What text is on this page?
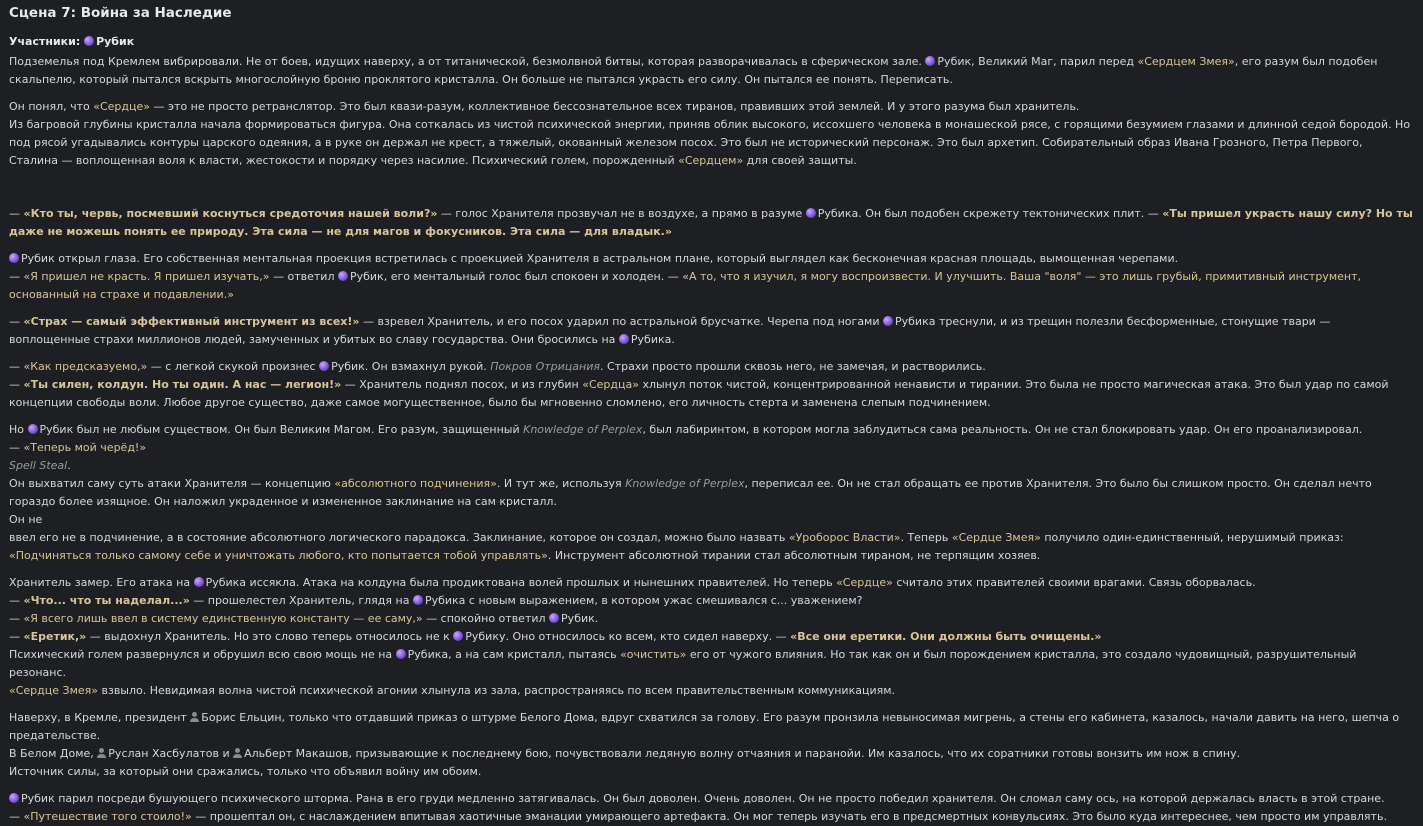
Сцена 7: Война за Наследие
Участники: Рубик

Подземелья под Кремлем вибрировали. Не от боев, идущих наверху, а от титанической, безмолвной битвы, которая разворачивалась в сферическом зале. Рубик, Великий Маг, парил перед «Сердцем Змея», его разум был подобен скальпелю, который пытался вскрыть многослойную броню проклятого кристалла. Он больше не пытался украсть его силу. Он пытался ее понять. Переписать.

Он понял, что «Сердце» — это не просто ретранслятор. Это был квази-разум, коллективное бессознательное всех тиранов, правивших этой землей. И у этого разума был хранитель.
Из багровой глубины кристалла начала формироваться фигура. Она соткалась из чистой психической энергии, приняв облик высокого, иссохшего человека в монашеской рясе, с горящими безумием глазами и длинной седой бородой. Но под рясой угадывались контуры царского одеяния, а в руке он держал не крест, а тяжелый, окованный железом посох. Это был не исторический персонаж. Это был архетип. Собирательный образ Ивана Грозного, Петра Первого, Сталина — воплощенная воля к власти, жестокости и порядку через насилие. Психический голем, порожденный «Сердцем» для своей защиты.

— «Кто ты, червь, посмевший коснуться средоточия нашей воли?» — голос Хранителя прозвучал не в воздухе, а прямо в разуме Рубика. Он был подобен скрежету тектонических плит. — «Ты пришел украсть нашу силу? Но ты даже не можешь понять ее природу. Эта сила — не для магов и фокусников. Эта сила — для владык.»

Рубик открыл глаза. Его собственная ментальная проекция встретилась с проекцией Хранителя в астральном плане, который выглядел как бесконечная красная площадь, вымощенная черепами.
— «Я пришел не красть. Я пришел изучать,» — ответил Рубик, его ментальный голос был спокоен и холоден. — «А то, что я изучил, я могу воспроизвести. И улучшить. Ваша "воля" — это лишь грубый, примитивный инструмент, основанный на страхе и подавлении.»

— «Страх — самый эффективный инструмент из всех!» — взревел Хранитель, и его посох ударил по астральной брусчатке. Черепа под ногами Рубика треснули, и из трещин полезли бесформенные, стонущие твари — воплощенные страхи миллионов людей, замученных и убитых во славу государства. Они бросились на Рубика.

— «Как предсказуемо,» — с легкой скукой произнес Рубик. Он взмахнул рукой. Покров Отрицания. Страхи просто прошли сквозь него, не замечая, и растворились.
— «Ты силен, колдун. Но ты один. А нас — легион!» — Хранитель поднял посох, и из глубин «Сердца» хлынул поток чистой, концентрированной ненависти и тирании. Это была не просто магическая атака. Это был удар по самой концепции свободы воли. Любое другое существо, даже самое могущественное, было бы мгновенно сломлено, его личность стерта и заменена слепым подчинением.

Но Рубик был не любым существом. Он был Великим Магом. Его разум, защищенный Knowledge of Perplex, был лабиринтом, в котором могла заблудиться сама реальность. Он не стал блокировать удар. Он его проанализировал.
— «Теперь мой черёд!»
Spell Steal.
Он выхватил саму суть атаки Хранителя — концепцию «абсолютного подчинения». И тут же, используя Knowledge of Perplex, переписал ее. Он не стал обращать ее против Хранителя. Это было бы слишком просто. Он сделал нечто гораздо более изящное. Он наложил украденное и измененное заклинание на сам кристалл.
Он не
ввел его не в подчинение, а в состояние абсолютного логического парадокса. Заклинание, которое он создал, можно было назвать «Уроборос Власти». Теперь «Сердце Змея» получило один-единственный, нерушимый приказ: «Подчиняться только самому себе и уничтожать любого, кто попытается тобой управлять». Инструмент абсолютной тирании стал абсолютным тираном, не терпящим хозяев.

Хранитель замер. Его атака на Рубика иссякла. Атака на колдуна была продиктована волей прошлых и нынешних правителей. Но теперь «Сердце» считало этих правителей своими врагами. Связь оборвалась.
— «Что... что ты наделал...» — прошелестел Хранитель, глядя на Рубика с новым выражением, в котором ужас смешивался с... уважением?
— «Я всего лишь ввел в систему единственную константу — ее саму,» — спокойно ответил Рубик.
— «Еретик,» — выдохнул Хранитель. Но это слово теперь относилось не к Рубику. Оно относилось ко всем, кто сидел наверху. — «Все они еретики. Они должны быть очищены.»
Психический голем развернулся и обрушил всю свою мощь не на Рубика, а на сам кристалл, пытаясь «очистить» его от чужого влияния. Но так как он и был порождением кристалла, это создало чудовищный, разрушительный резонанс.
«Сердце Змея» взвыло. Невидимая волна чистой психической агонии хлынула из зала, распространяясь по всем правительственным коммуникациям.

Наверху, в Кремле, президент Борис Ельцин, только что отдавший приказ о штурме Белого Дома, вдруг схватился за голову. Его разум пронзила невыносимая мигрень, а стены его кабинета, казалось, начали давить на него, шепча о предательстве.
В Белом Доме, Руслан Хасбулатов и Альберт Макашов, призывающие к последнему бою, почувствовали ледяную волну отчаяния и паранойи. Им казалось, что их соратники готовы вонзить им нож в спину.
Источник силы, за который они сражались, только что объявил войну им обоим.

Рубик парил посреди бушующего психического шторма. Рана в его груди медленно затягивалась. Он был доволен. Очень доволен. Он не просто победил хранителя. Он сломал саму ось, на которой держалась власть в этой стране.
— «Путешествие того стоило!» — прошептал он, с наслаждением впитывая хаотичные эманации умирающего артефакта. Он мог теперь изучать его в предсмертных конвульсиях. Это было куда интереснее, чем просто им управлять.
